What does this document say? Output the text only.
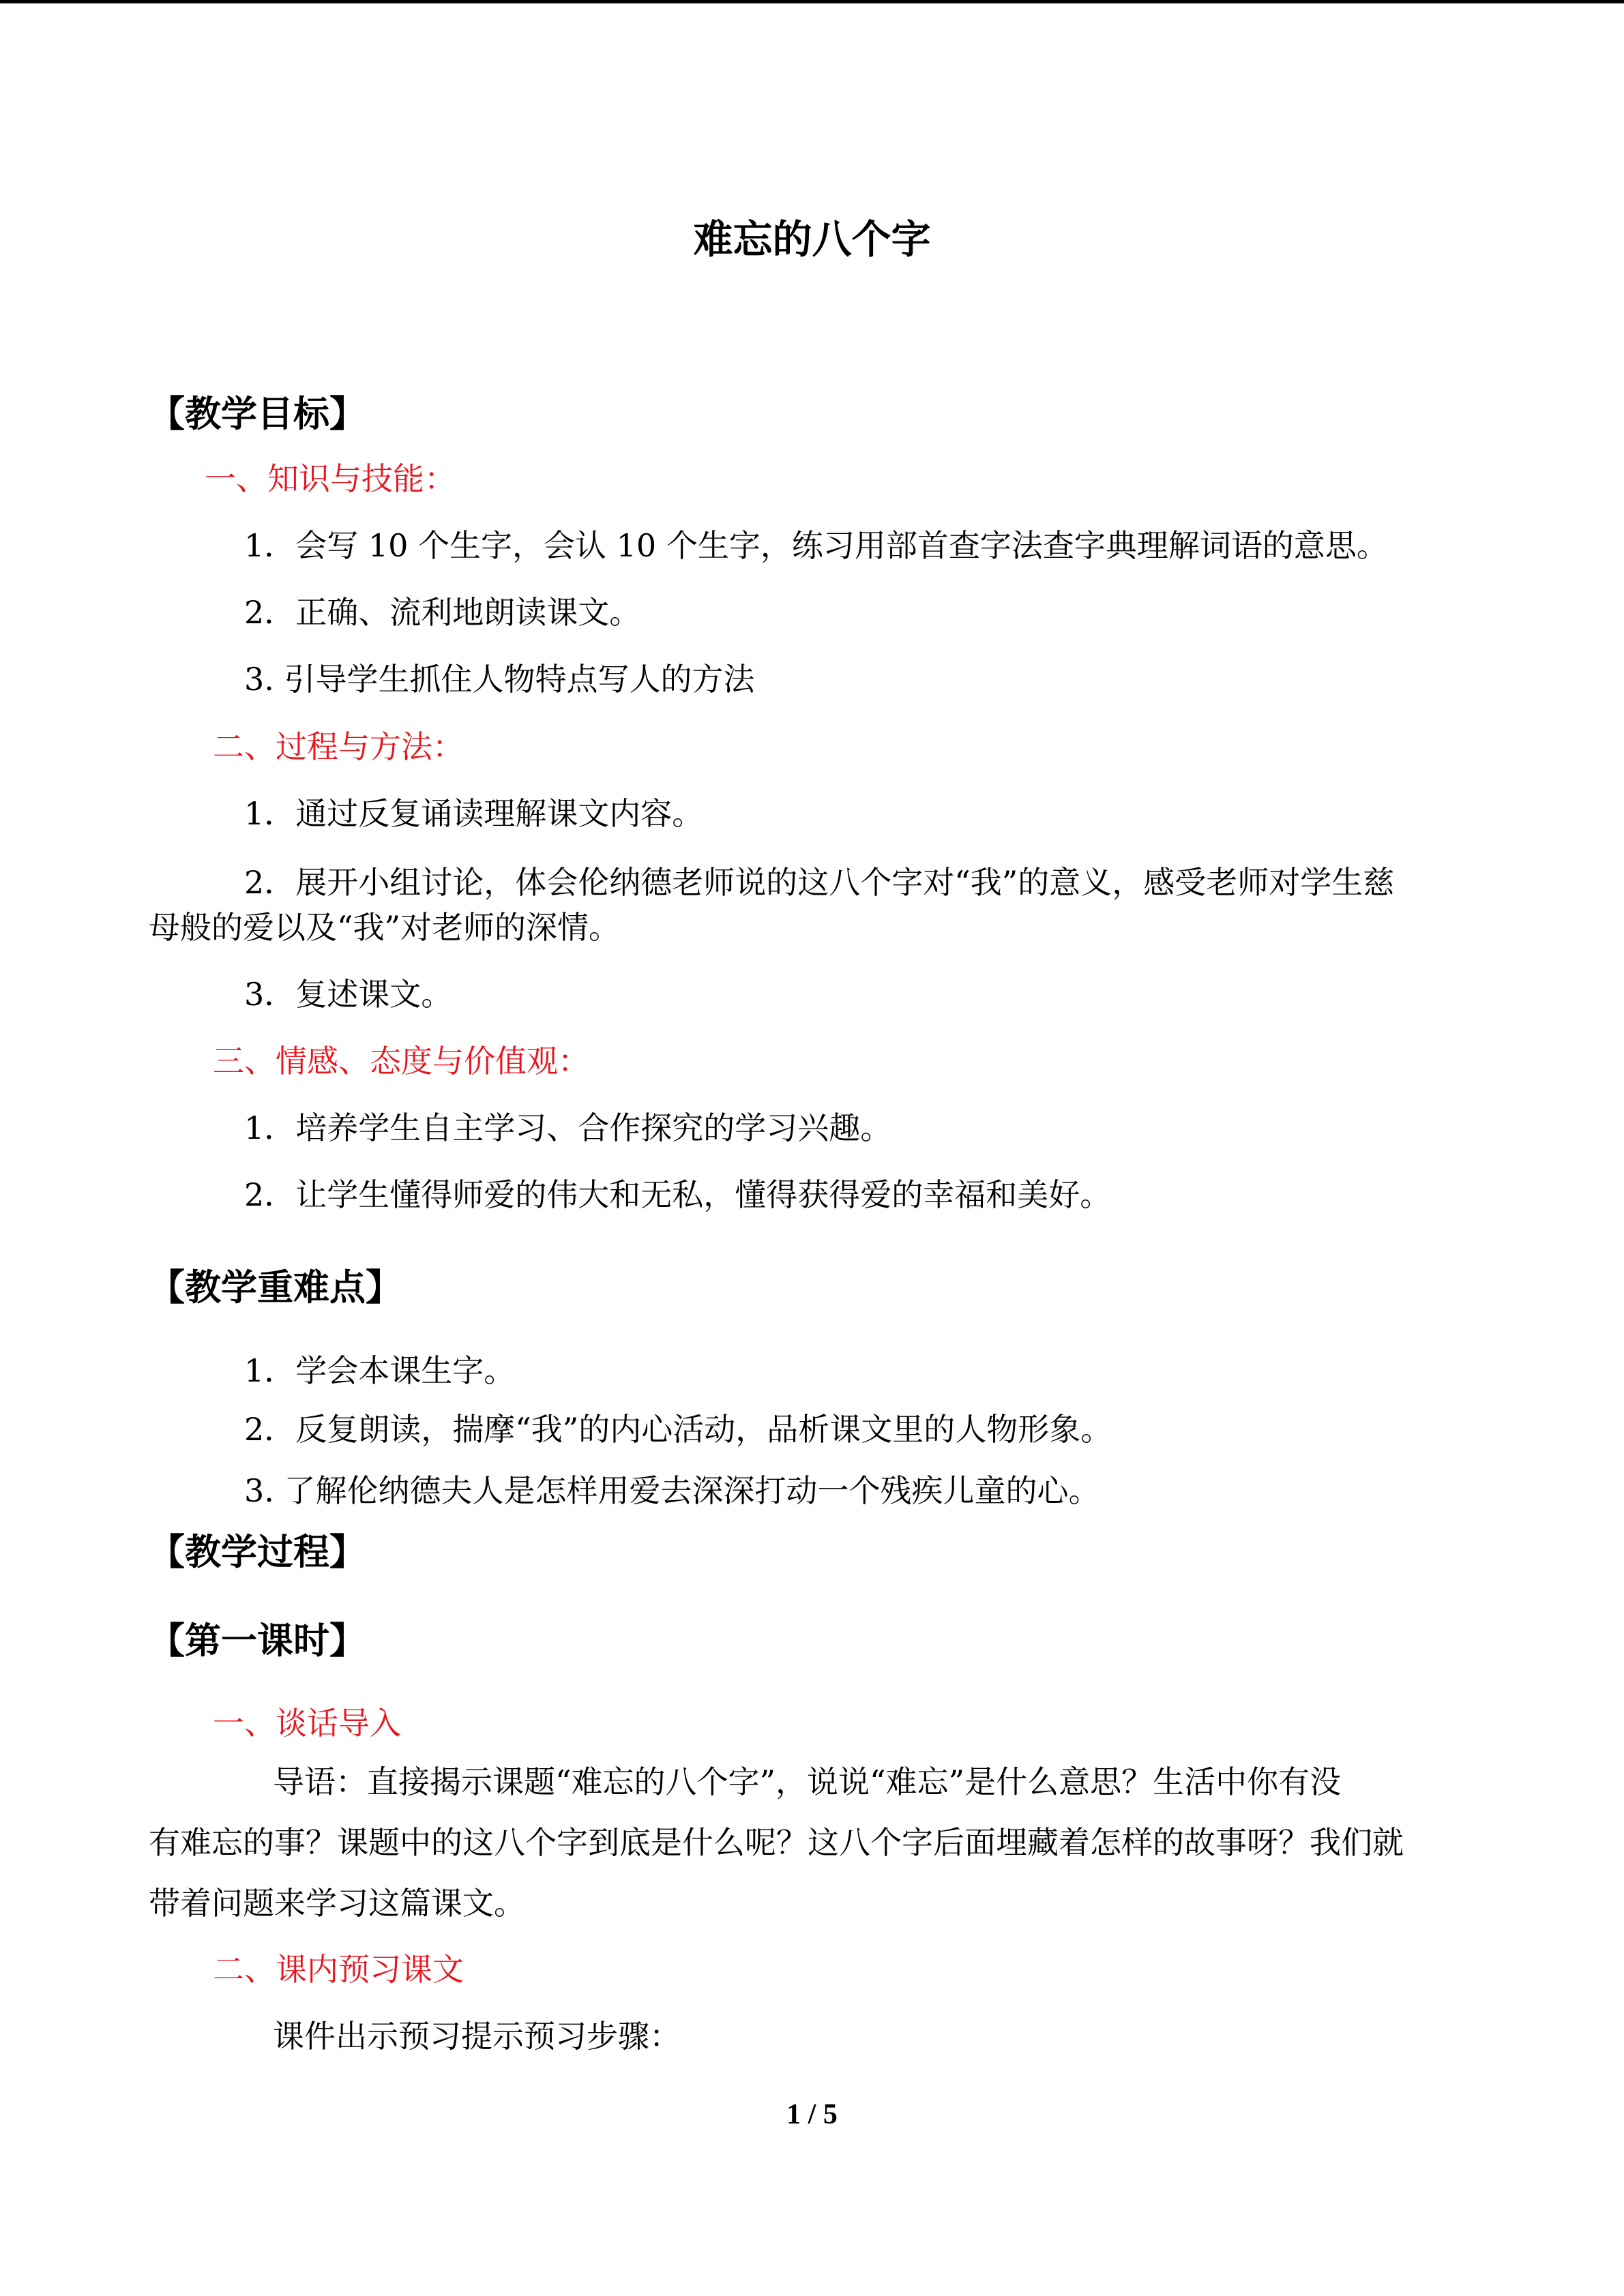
难忘的八个字
【教学目标】
一、知识与技能：
1．会写 10 个生字，会认 10 个生字，练习用部首查字法查字典理解词语的意思。
2．正确、流利地朗读课文。
3. 引导学生抓住人物特点写人的方法
二、过程与方法：
1．通过反复诵读理解课文内容。
2．展开小组讨论，体会伦纳德老师说的这八个字对“我”的意义，感受老师对学生慈
母般的爱以及“我”对老师的深情。
3．复述课文。
三、情感、态度与价值观：
1．培养学生自主学习、合作探究的学习兴趣。
2．让学生懂得师爱的伟大和无私，懂得获得爱的幸福和美好。
【教学重难点】
1．学会本课生字。
2．反复朗读，揣摩“我”的内心活动，品析课文里的人物形象。
3. 了解伦纳德夫人是怎样用爱去深深打动一个残疾儿童的心。
【教学过程】
【第一课时】
一、谈话导入
导语：直接揭示课题“难忘的八个字”，说说“难忘”是什么意思？生活中你有没
有难忘的事？课题中的这八个字到底是什么呢？这八个字后面埋藏着怎样的故事呀？我们就
带着问题来学习这篇课文。
二、课内预习课文
课件出示预习提示预习步骤：
1 / 5
